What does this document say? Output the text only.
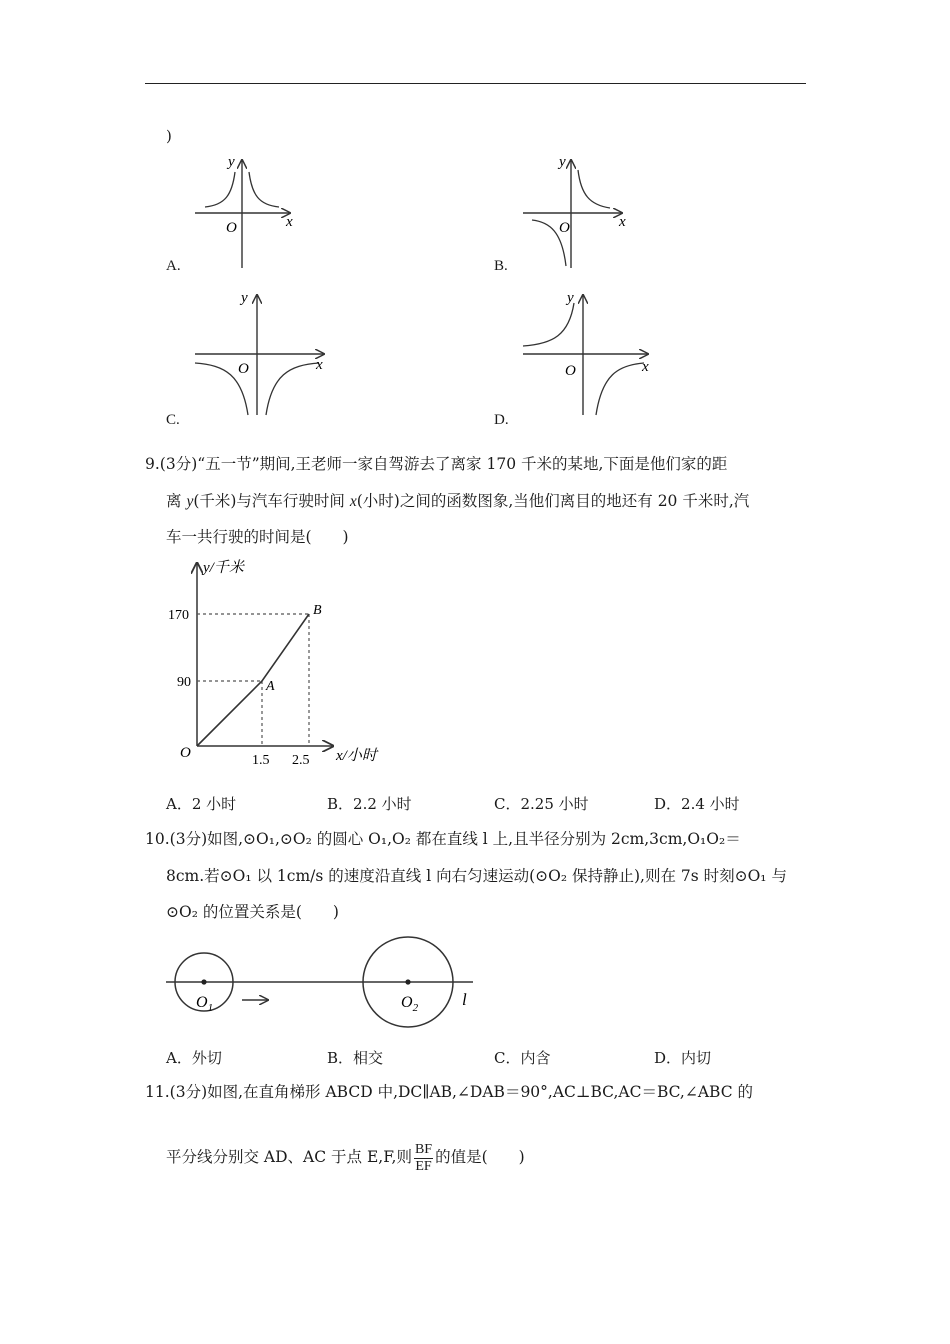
)
y
x
O
A.
y
x
O
B.
y
x
O
C.
y
x
O
D.
9.(3分)“五一节”期间,王老师一家自驾游去了离家 170 千米的某地,下面是他们家的距
离 y(千米)与汽车行驶时间 x(小时)之间的函数图象,当他们离目的地还有 20 千米时,汽
车一共行驶的时间是(　　)
y/千米
x/小时
O
A
B
170
90
1.5 2.5
A．2 小时	B．2.2 小时	C．2.25 小时	D．2.4 小时
10.(3分)如图,⊙O₁,⊙O₂ 的圆心 O₁,O₂ 都在直线 l 上,且半径分别为 2cm,3cm,O₁O₂＝
8cm.若⊙O₁ 以 1cm/s 的速度沿直线 l 向右匀速运动(⊙O₂ 保持静止),则在 7s 时刻⊙O₁ 与
⊙O₂ 的位置关系是(　　)
$O_1$	$O_2$	l
A．外切	B．相交	C．内含	D．内切
11.(3分)如图,在直角梯形 ABCD 中,DC∥AB,∠DAB＝90°,AC⊥BC,AC＝BC,∠ABC 的
平分线分别交 AD、AC 于点 E,F,则 $\frac{BF}{EF}$ 的值是(　　)
